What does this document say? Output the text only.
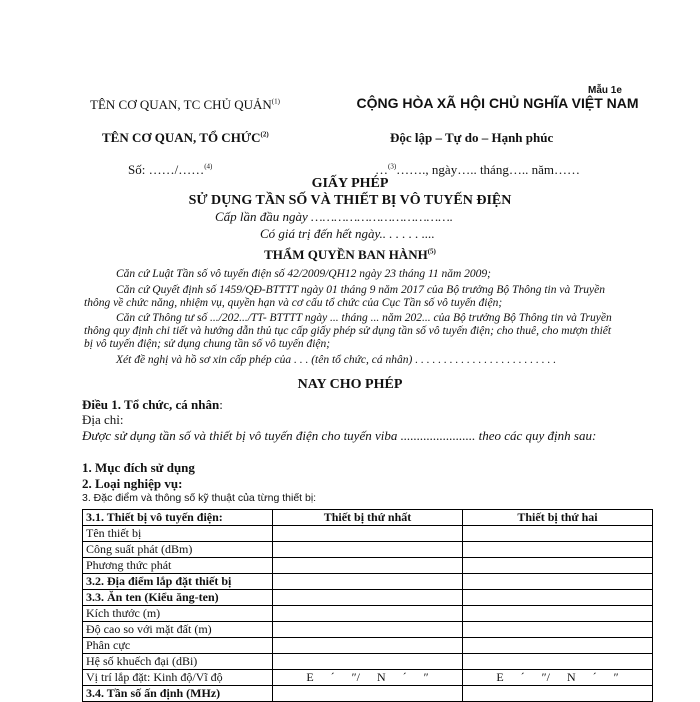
Mẫu 1e
TÊN CƠ QUAN, TC CHỦ QUẢN$^{(1)}$	CỘNG HÒA XÃ HỘI CHỦ NGHĨA VIỆT NAM
TÊN CƠ QUAN, TỔ CHỨC$^{(2)}$	Độc lập – Tự do – Hạnh phúc
Số: ……/……$^{(4)}$	…$^{(3)}$……., ngày….. tháng….. năm……
GIẤY PHÉP
SỬ DỤNG TẦN SỐ VÀ THIẾT BỊ VÔ TUYẾN ĐIỆN
Cấp lần đầu ngày ……………………………….
Có giá trị đến hết ngày.. . . . . . ....
THẨM QUYỀN BAN HÀNH$^{(5)}$
Căn cứ Luật Tần số vô tuyến điện số 42/2009/QH12 ngày 23 tháng 11 năm 2009;
Căn cứ Quyết định số 1459/QĐ-BTTTT ngày 01 tháng 9 năm 2017 của Bộ trưởng Bộ Thông tin và Truyền thông về chức năng, nhiệm vụ, quyền hạn và cơ cấu tổ chức của Cục Tần số vô tuyến điện;
Căn cứ Thông tư số .../202.../TT- BTTTT ngày ... tháng ... năm 202... của Bộ trưởng Bộ Thông tin và Truyền thông quy định chi tiết và hướng dẫn thủ tục cấp giấy phép sử dụng tần số vô tuyến điện; cho thuê, cho mượn thiết bị vô tuyến điện; sử dụng chung tần số vô tuyến điện;
Xét đề nghị và hồ sơ xin cấp phép của . . . (tên tổ chức, cá nhân) . . . . . . . . . . . . . . . . . . . . . . . . .
NAY CHO PHÉP
Điều 1. Tổ chức, cá nhân:
Địa chỉ:
Được sử dụng tần số và thiết bị vô tuyến điện cho tuyến viba ....................... theo các quy định sau:
1. Mục đích sử dụng
2. Loại nghiệp vụ:
3. Đặc điểm và thông số kỹ thuật của từng thiết bị:
3.1. Thiết bị vô tuyến điện:	Thiết bị thứ nhất	Thiết bị thứ hai
Tên thiết bị		
Công suất phát (dBm)		
Phương thức phát		
3.2. Địa điểm lắp đặt thiết bị		
3.3. Ăn ten (Kiểu ăng-ten)		
Kích thước (m)		
Độ cao so với mặt đất (m)		
Phân cực		
Hệ số khuếch đại (dBi)		
Vị trí lắp đặt: Kinh độ/Vĩ độ	E ´ ″/ N ´ ″	E ´ ″/ N ´ ″
3.4. Tần số ấn định (MHz)		
